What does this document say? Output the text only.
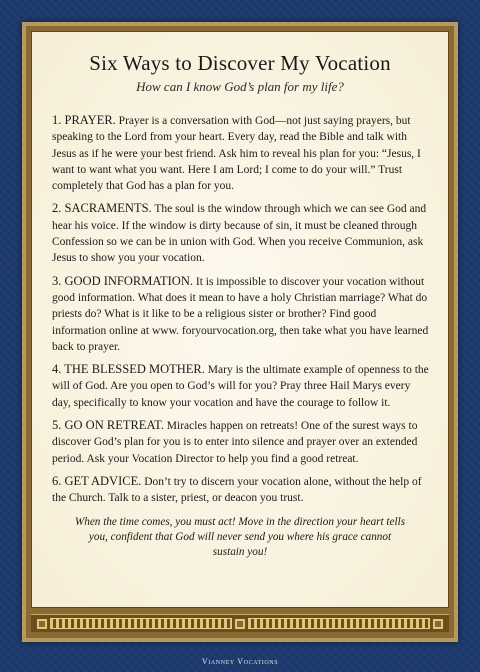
Six Ways to Discover My Vocation

How can I know God’s plan for my life?

1. PRAYER. Prayer is a conversation with God—not just saying prayers, but speaking to the Lord from your heart. Every day, read the Bible and talk with Jesus as if he were your best friend. Ask him to reveal his plan for you: “Jesus, I want to want what you want. Here I am Lord; I come to do your will.” Trust completely that God has a plan for you.

2. SACRAMENTS. The soul is the window through which we can see God and hear his voice. If the window is dirty because of sin, it must be cleaned through Confession so we can be in union with God. When you receive Communion, ask Jesus to show you your vocation.

3. GOOD INFORMATION. It is impossible to discover your vocation without good information. What does it mean to have a holy Christian marriage? What do priests do? What is it like to be a religious sister or brother? Find good information online at www. foryourvocation.org, then take what you have learned back to prayer.

4. THE BLESSED MOTHER. Mary is the ultimate example of openness to the will of God. Are you open to God’s will for you? Pray three Hail Marys every day, specifically to know your vocation and have the courage to follow it.

5. GO ON RETREAT. Miracles happen on retreats! One of the surest ways to discover God’s plan for you is to enter into silence and prayer over an extended period. Ask your Vocation Director to help you find a good retreat.

6. GET ADVICE. Don’t try to discern your vocation alone, without the help of the Church. Talk to a sister, priest, or deacon you trust.

When the time comes, you must act! Move in the direction your heart tells you, confident that God will never send you where his grace cannot sustain you!

Vianney Vocations
